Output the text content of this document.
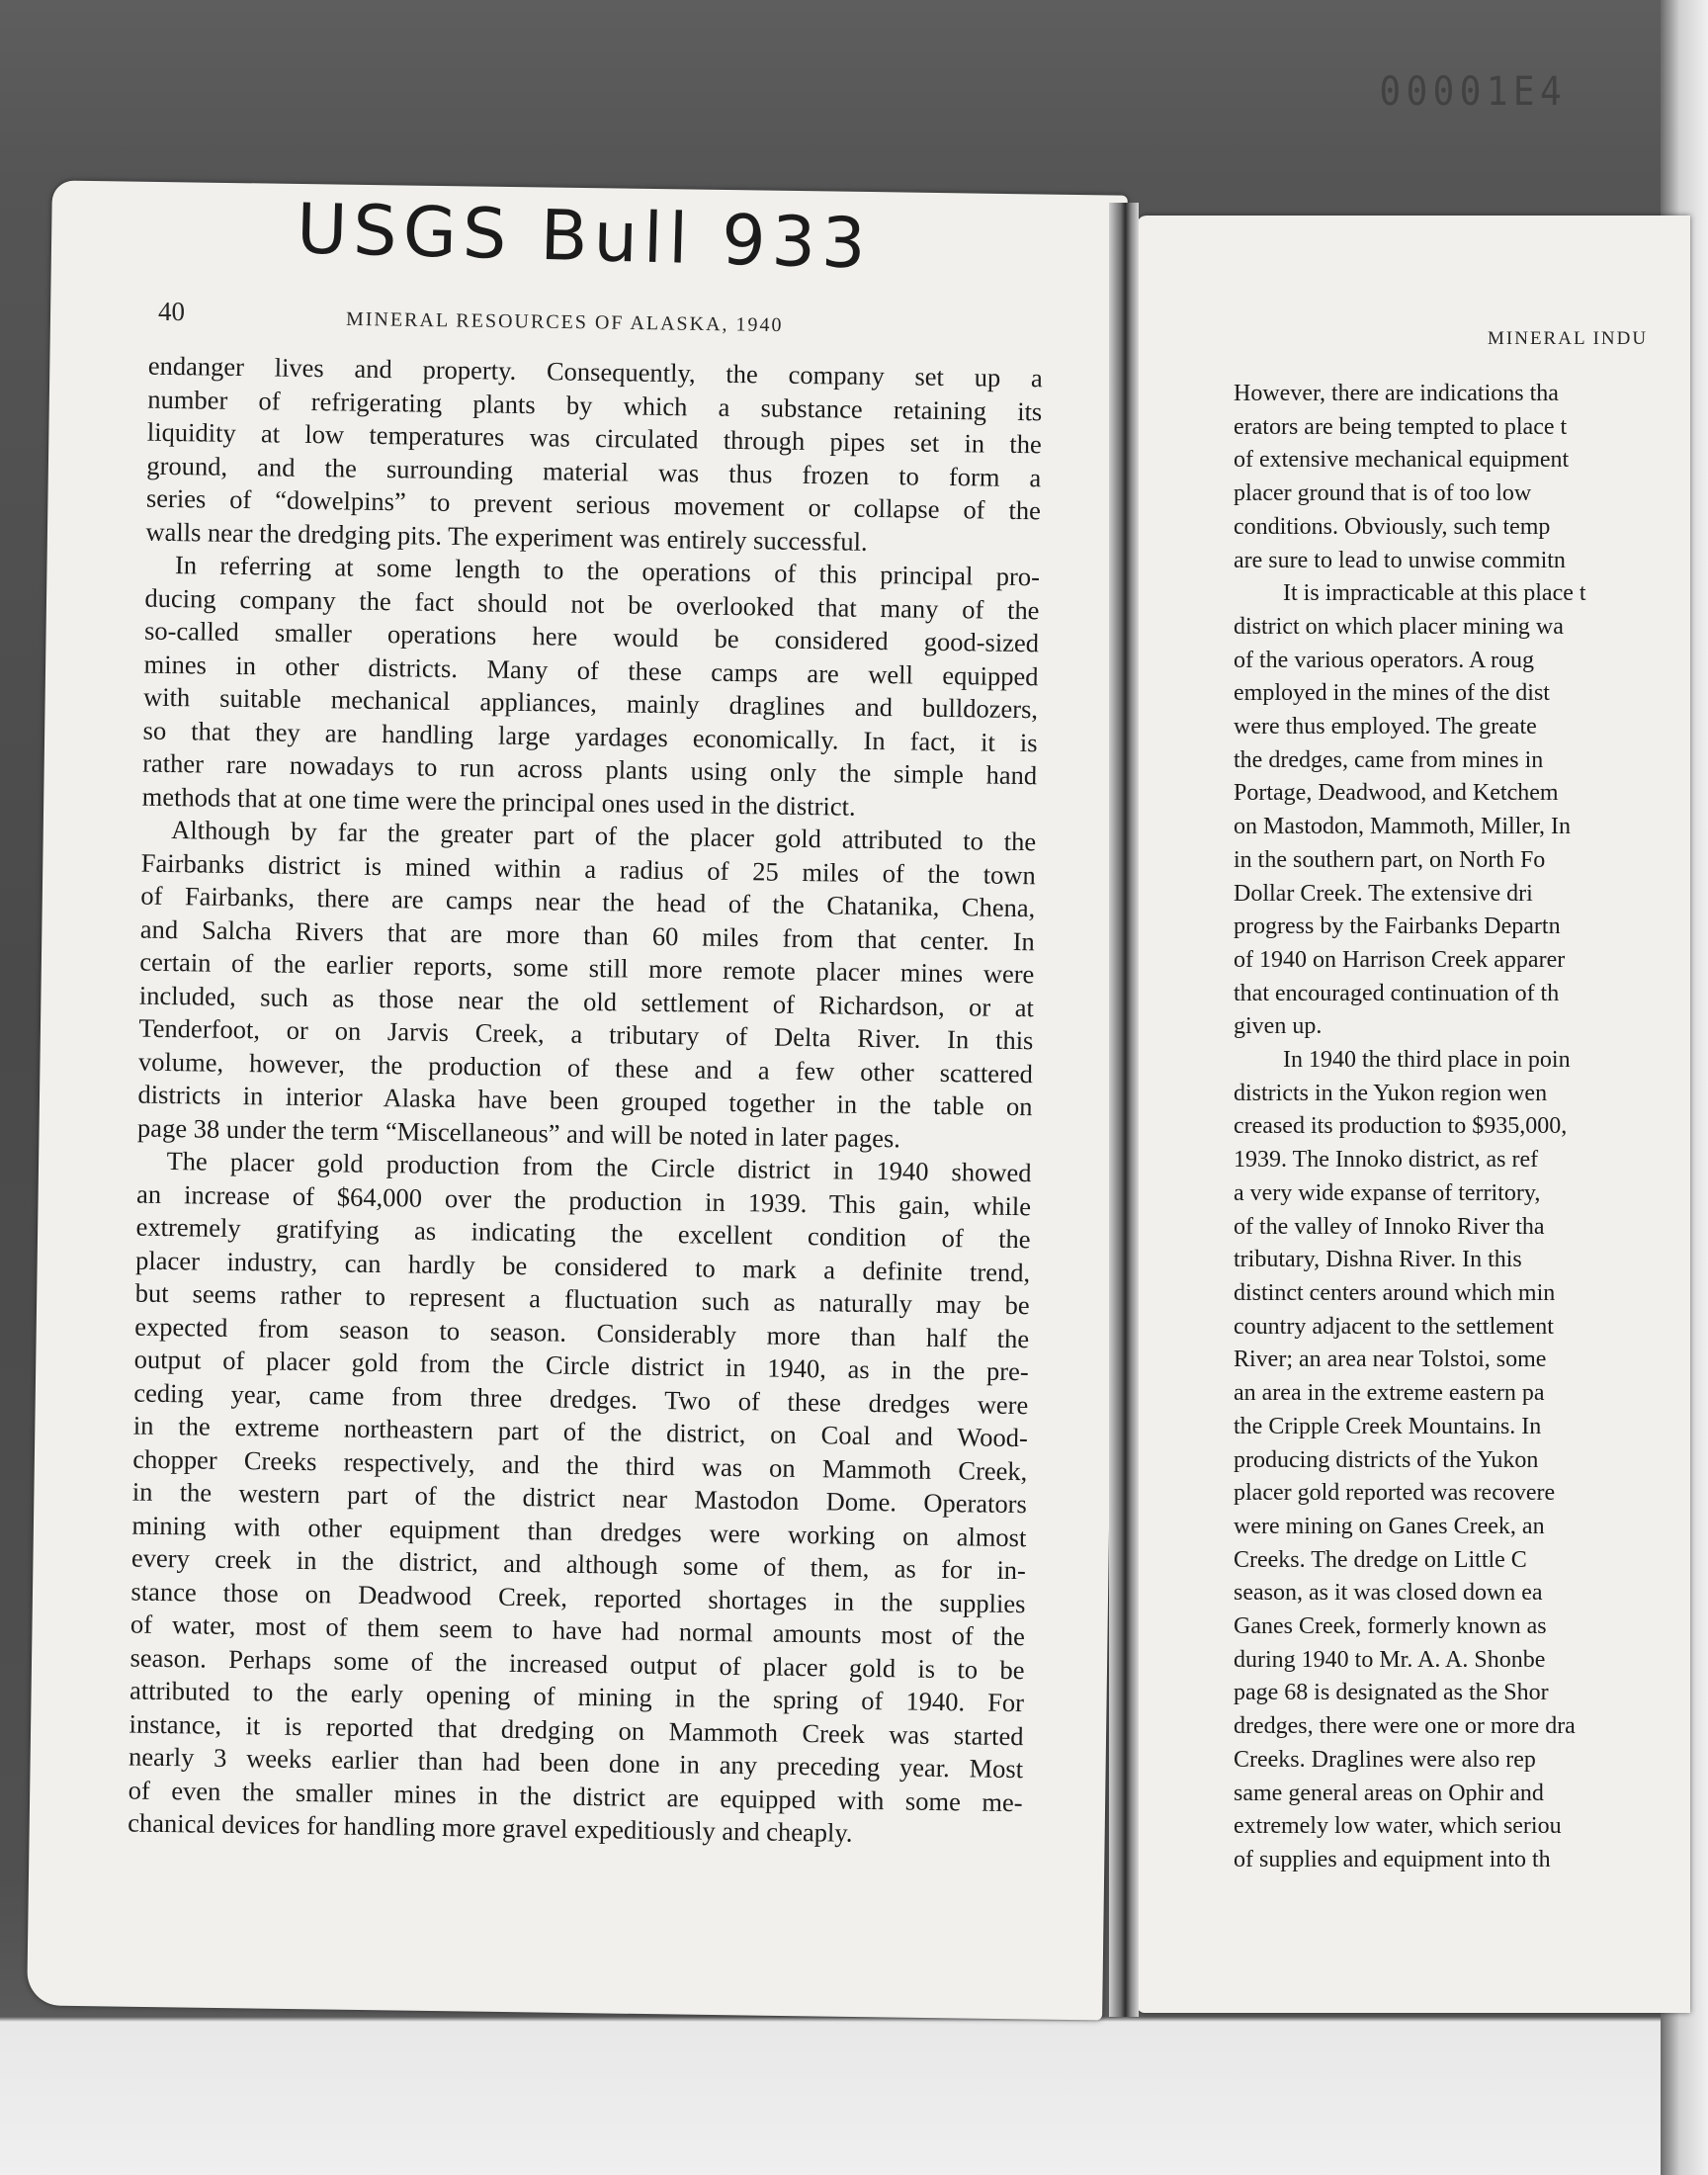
00001E4
USGS Bull 933
40	MINERAL RESOURCES OF ALASKA, 1940
MINERAL INDU
endanger lives and property. Consequently, the company set up a
number of refrigerating plants by which a substance retaining its
liquidity at low temperatures was circulated through pipes set in the
ground, and the surrounding material was thus frozen to form a
series of “dowelpins” to prevent serious movement or collapse of the
walls near the dredging pits. The experiment was entirely successful.
In referring at some length to the operations of this principal pro-
ducing company the fact should not be overlooked that many of the
so-called smaller operations here would be considered good-sized
mines in other districts. Many of these camps are well equipped
with suitable mechanical appliances, mainly draglines and bulldozers,
so that they are handling large yardages economically. In fact, it is
rather rare nowadays to run across plants using only the simple hand
methods that at one time were the principal ones used in the district.
Although by far the greater part of the placer gold attributed to the
Fairbanks district is mined within a radius of 25 miles of the town
of Fairbanks, there are camps near the head of the Chatanika, Chena,
and Salcha Rivers that are more than 60 miles from that center. In
certain of the earlier reports, some still more remote placer mines were
included, such as those near the old settlement of Richardson, or at
Tenderfoot, or on Jarvis Creek, a tributary of Delta River. In this
volume, however, the production of these and a few other scattered
districts in interior Alaska have been grouped together in the table on
page 38 under the term “Miscellaneous” and will be noted in later pages.
The placer gold production from the Circle district in 1940 showed
an increase of $64,000 over the production in 1939. This gain, while
extremely gratifying as indicating the excellent condition of the
placer industry, can hardly be considered to mark a definite trend,
but seems rather to represent a fluctuation such as naturally may be
expected from season to season. Considerably more than half the
output of placer gold from the Circle district in 1940, as in the pre-
ceding year, came from three dredges. Two of these dredges were
in the extreme northeastern part of the district, on Coal and Wood-
chopper Creeks respectively, and the third was on Mammoth Creek,
in the western part of the district near Mastodon Dome. Operators
mining with other equipment than dredges were working on almost
every creek in the district, and although some of them, as for in-
stance those on Deadwood Creek, reported shortages in the supplies
of water, most of them seem to have had normal amounts most of the
season. Perhaps some of the increased output of placer gold is to be
attributed to the early opening of mining in the spring of 1940. For
instance, it is reported that dredging on Mammoth Creek was started
nearly 3 weeks earlier than had been done in any preceding year. Most
of even the smaller mines in the district are equipped with some me-
chanical devices for handling more gravel expeditiously and cheaply.
However, there are indications tha
erators are being tempted to place t
of extensive mechanical equipment
placer ground that is of too low
conditions. Obviously, such temp
are sure to lead to unwise commitn
It is impracticable at this place t
district on which placer mining wa
of the various operators. A roug
employed in the mines of the dist
were thus employed. The greate
the dredges, came from mines in
Portage, Deadwood, and Ketchem
on Mastodon, Mammoth, Miller, In
in the southern part, on North Fo
Dollar Creek. The extensive dri
progress by the Fairbanks Departn
of 1940 on Harrison Creek apparer
that encouraged continuation of th
given up.
In 1940 the third place in poin
districts in the Yukon region wen
creased its production to $935,000,
1939. The Innoko district, as ref
a very wide expanse of territory,
of the valley of Innoko River tha
tributary, Dishna River. In this
distinct centers around which min
country adjacent to the settlement
River; an area near Tolstoi, some
an area in the extreme eastern pa
the Cripple Creek Mountains. In
producing districts of the Yukon
placer gold reported was recovere
were mining on Ganes Creek, an
Creeks. The dredge on Little C
season, as it was closed down ea
Ganes Creek, formerly known as
during 1940 to Mr. A. A. Shonbe
page 68 is designated as the Shor
dredges, there were one or more dra
Creeks. Draglines were also rep
same general areas on Ophir and
extremely low water, which seriou
of supplies and equipment into th
